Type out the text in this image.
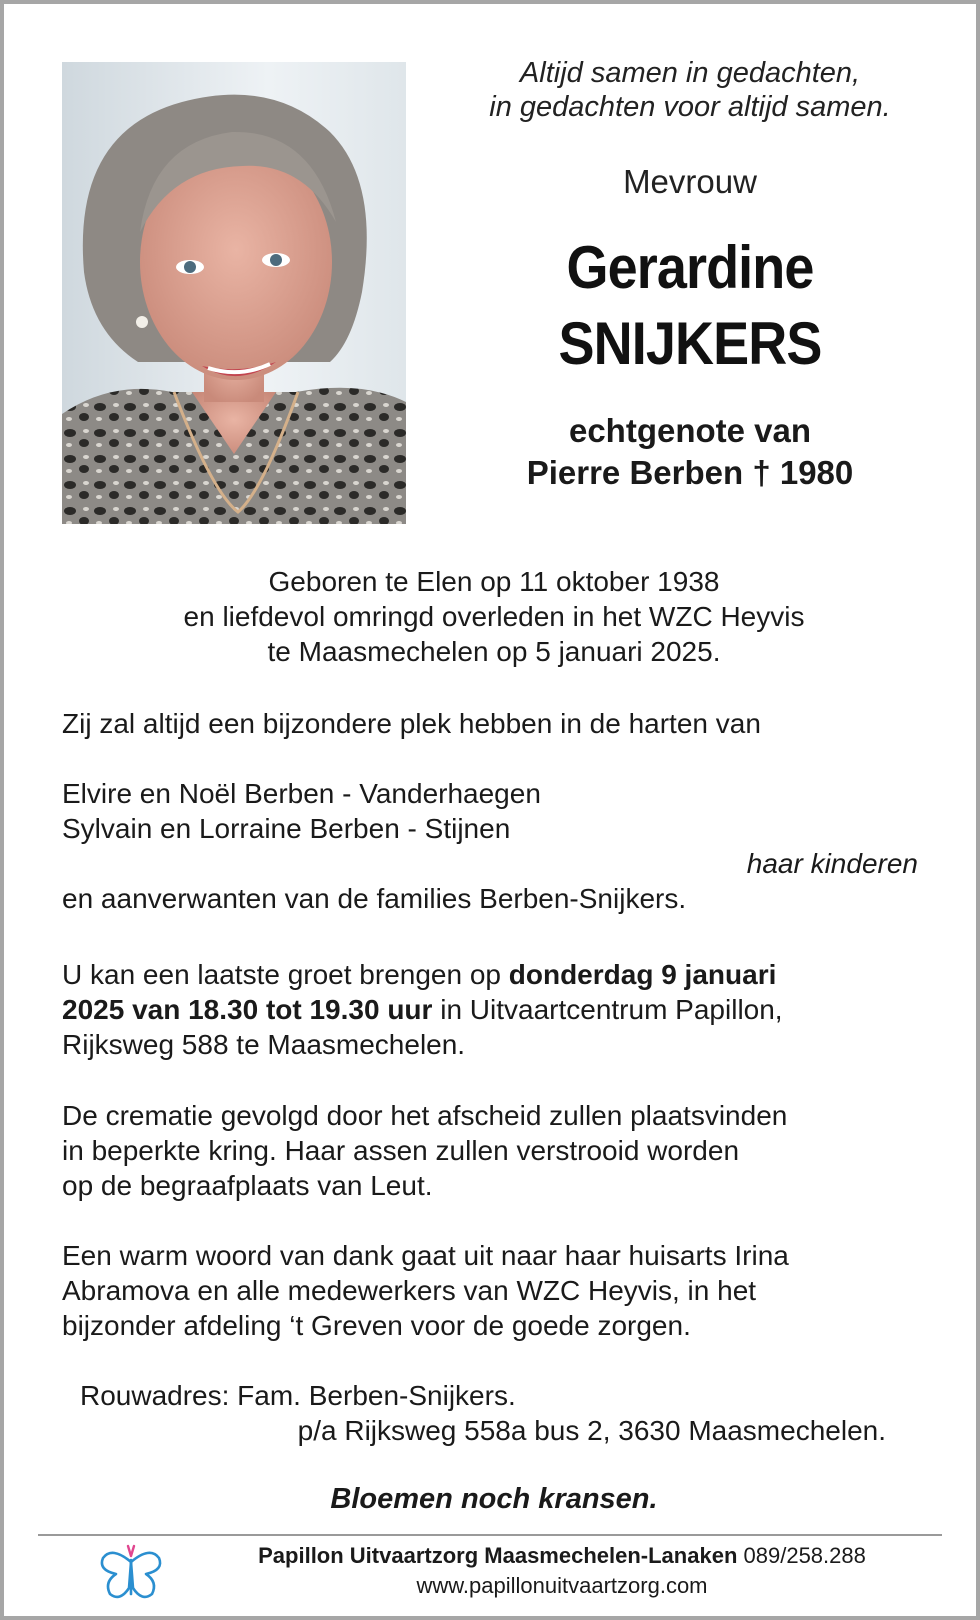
Altijd samen in gedachten,
in gedachten voor altijd samen.
Mevrouw
Gerardine
SNIJKERS
echtgenote van
Pierre Berben † 1980
Geboren te Elen op 11 oktober 1938
en liefdevol omringd overleden in het WZC Heyvis
te Maasmechelen op 5 januari 2025.
Zij zal altijd een bijzondere plek hebben in de harten van
Elvire en Noël Berben - Vanderhaegen
Sylvain en Lorraine Berben - Stijnen
haar kinderen
en aanverwanten van de families Berben-Snijkers.
U kan een laatste groet brengen op donderdag 9 januari
2025 van 18.30 tot 19.30 uur in Uitvaartcentrum Papillon,
Rijksweg 588 te Maasmechelen.
De crematie gevolgd door het afscheid zullen plaatsvinden
in beperkte kring. Haar assen zullen verstrooid worden
op de begraafplaats van Leut.
Een warm woord van dank gaat uit naar haar huisarts Irina
Abramova en alle medewerkers van WZC Heyvis, in het
bijzonder afdeling ‘t Greven voor de goede zorgen.
Rouwadres: Fam. Berben-Snijkers.
p/a Rijksweg 558a bus 2, 3630 Maasmechelen.
Bloemen noch kransen.
Papillon Uitvaartzorg Maasmechelen-Lanaken 089/258.288
www.papillonuitvaartzorg.com
